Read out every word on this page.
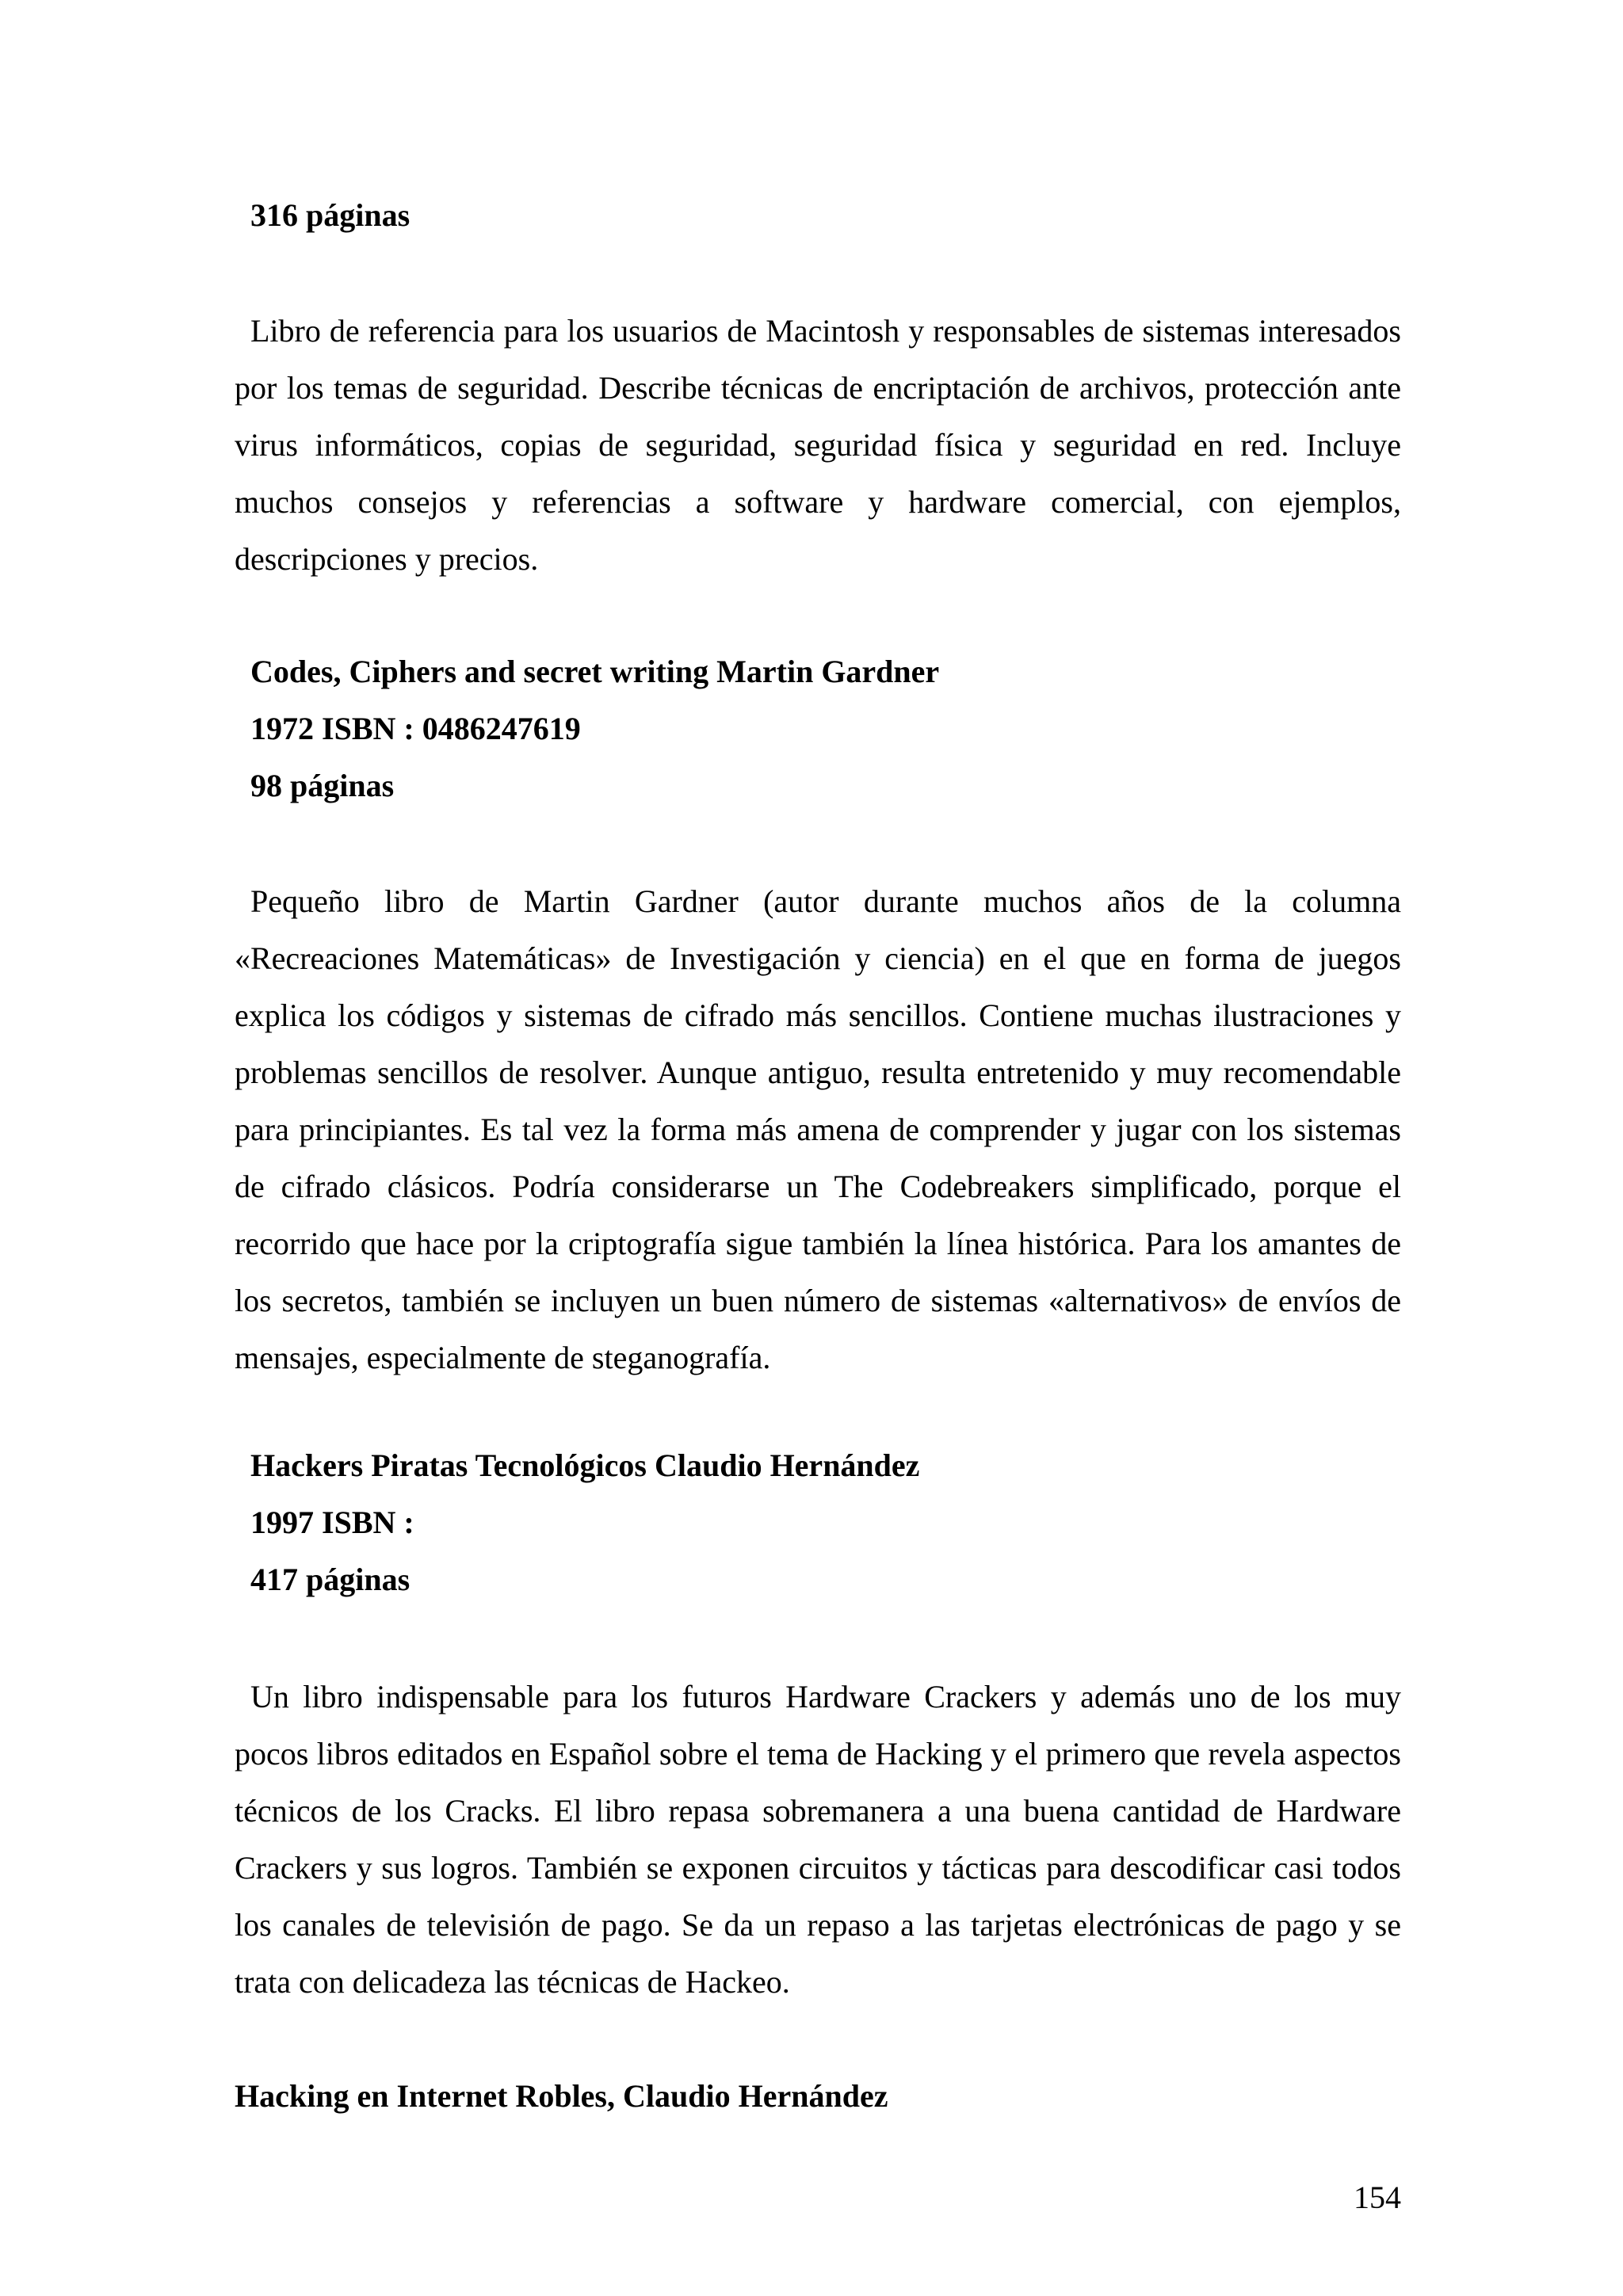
316 páginas

Libro de referencia para los usuarios de Macintosh y responsables de sistemas interesados por los temas de seguridad. Describe técnicas de encriptación de archivos, protección ante virus informáticos, copias de seguridad, seguridad física y seguridad en red. Incluye muchos consejos y referencias a software y hardware comercial, con ejemplos, descripciones y precios.

Codes, Ciphers and secret writing Martin Gardner
1972 ISBN : 0486247619
98 páginas

Pequeño libro de Martin Gardner (autor durante muchos años de la columna «Recreaciones Matemáticas» de Investigación y ciencia) en el que en forma de juegos explica los códigos y sistemas de cifrado más sencillos. Contiene muchas ilustraciones y problemas sencillos de resolver. Aunque antiguo, resulta entretenido y muy recomendable para principiantes. Es tal vez la forma más amena de comprender y jugar con los sistemas de cifrado clásicos. Podría considerarse un The Codebreakers simplificado, porque el recorrido que hace por la criptografía sigue también la línea histórica. Para los amantes de los secretos, también se incluyen un buen número de sistemas «alternativos» de envíos de mensajes, especialmente de steganografía.

Hackers Piratas Tecnológicos Claudio Hernández
1997 ISBN :
417 páginas

Un libro indispensable para los futuros Hardware Crackers y además uno de los muy pocos libros editados en Español sobre el tema de Hacking y el primero que revela aspectos técnicos de los Cracks. El libro repasa sobremanera a una buena cantidad de Hardware Crackers y sus logros. También se exponen circuitos y tácticas para descodificar casi todos los canales de televisión de pago. Se da un repaso a las tarjetas electrónicas de pago y se trata con delicadeza las técnicas de Hackeo.

Hacking en Internet Robles, Claudio Hernández
154
